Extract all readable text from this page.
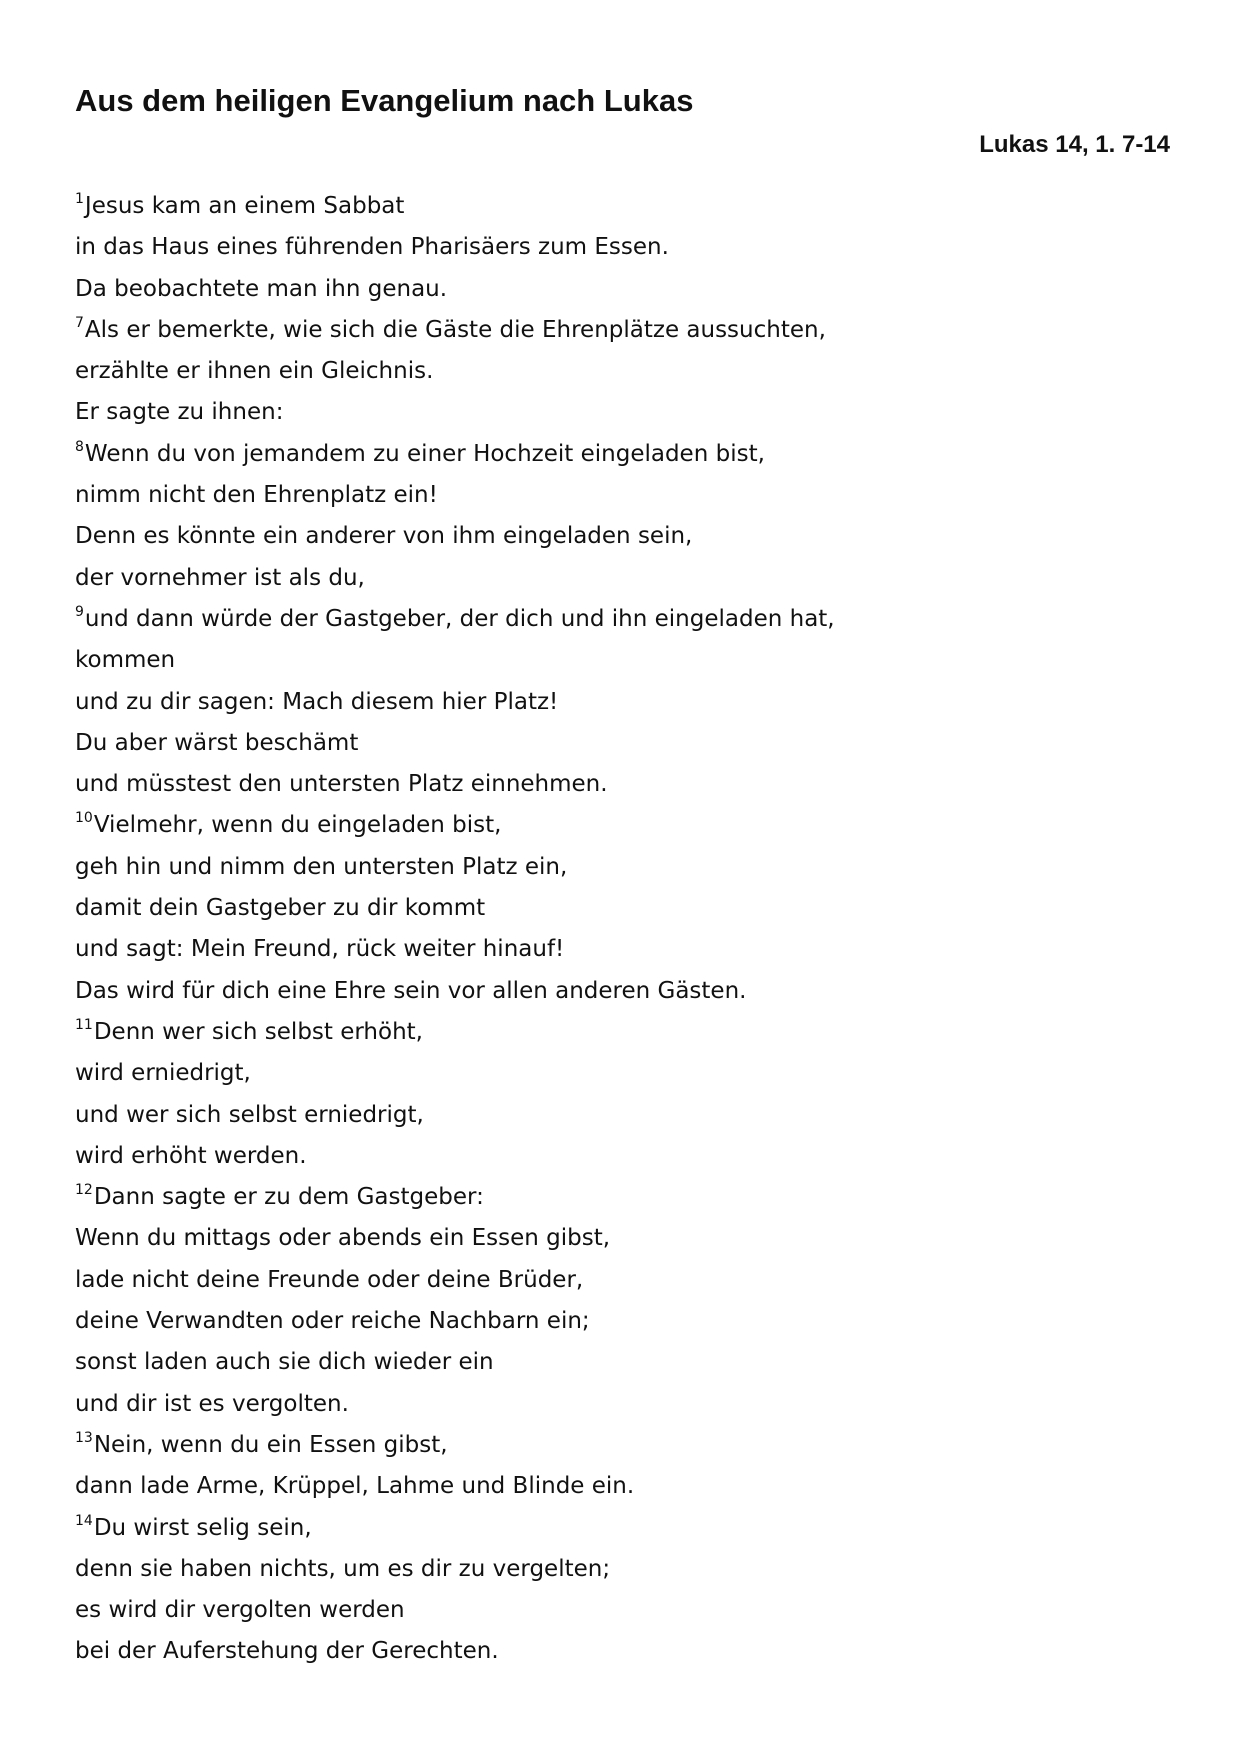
Aus dem heiligen Evangelium nach Lukas
Lukas 14, 1. 7-14
$^1$Jesus kam an einem Sabbat
in das Haus eines führenden Pharisäers zum Essen.
Da beobachtete man ihn genau.
$^7$Als er bemerkte, wie sich die Gäste die Ehrenplätze aussuchten,
erzählte er ihnen ein Gleichnis.
Er sagte zu ihnen:
$^8$Wenn du von jemandem zu einer Hochzeit eingeladen bist,
nimm nicht den Ehrenplatz ein!
Denn es könnte ein anderer von ihm eingeladen sein,
der vornehmer ist als du,
$^9$und dann würde der Gastgeber, der dich und ihn eingeladen hat,
kommen
und zu dir sagen: Mach diesem hier Platz!
Du aber wärst beschämt
und müsstest den untersten Platz einnehmen.
$^{10}$Vielmehr, wenn du eingeladen bist,
geh hin und nimm den untersten Platz ein,
damit dein Gastgeber zu dir kommt
und sagt: Mein Freund, rück weiter hinauf!
Das wird für dich eine Ehre sein vor allen anderen Gästen.
$^{11}$Denn wer sich selbst erhöht,
wird erniedrigt,
und wer sich selbst erniedrigt,
wird erhöht werden.
$^{12}$Dann sagte er zu dem Gastgeber:
Wenn du mittags oder abends ein Essen gibst,
lade nicht deine Freunde oder deine Brüder,
deine Verwandten oder reiche Nachbarn ein;
sonst laden auch sie dich wieder ein
und dir ist es vergolten.
$^{13}$Nein, wenn du ein Essen gibst,
dann lade Arme, Krüppel, Lahme und Blinde ein.
$^{14}$Du wirst selig sein,
denn sie haben nichts, um es dir zu vergelten;
es wird dir vergolten werden
bei der Auferstehung der Gerechten.
